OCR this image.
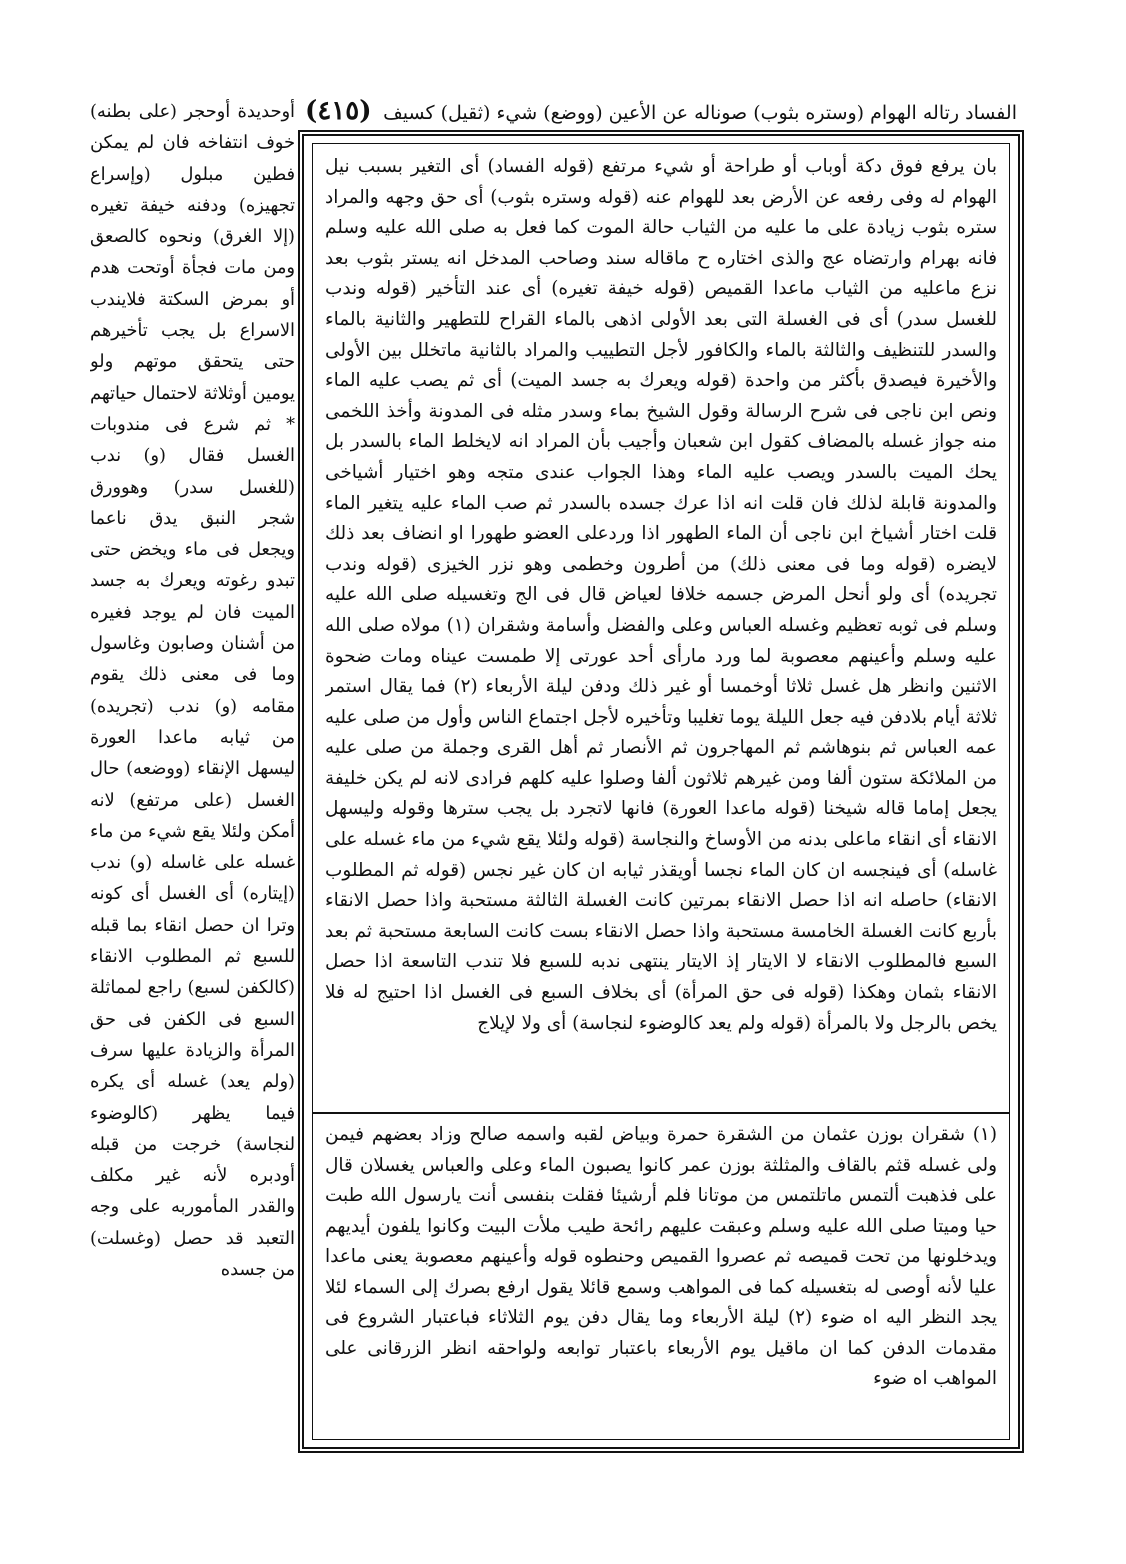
(٤١٥) الفساد رتاله الهوام (وستره بثوب) صوناله عن الأعين (ووضع) شيء (ثقيل) كسيف
بان يرفع فوق دكة أوباب أو طراحة أو شيء مرتفع (قوله الفساد) أى التغير بسبب نيل الهوام له وفى رفعه عن الأرض بعد للهوام عنه (قوله وستره بثوب) أى حق وجهه والمراد ستره بثوب زيادة على ما عليه من الثياب حالة الموت كما فعل به صلى الله عليه وسلم فانه بهرام وارتضاه عج والذى اختاره ح ماقاله سند وصاحب المدخل انه يستر بثوب بعد نزع ماعليه من الثياب ماعدا القميص (قوله خيفة تغيره) أى عند التأخير (قوله وندب للغسل سدر) أى فى الغسلة التى بعد الأولى اذهى بالماء القراح للتطهير والثانية بالماء والسدر للتنظيف والثالثة بالماء والكافور لأجل التطييب والمراد بالثانية ماتخلل بين الأولى والأخيرة فيصدق بأكثر من واحدة (قوله ويعرك به جسد الميت) أى ثم يصب عليه الماء ونص ابن ناجى فى شرح الرسالة وقول الشيخ بماء وسدر مثله فى المدونة وأخذ اللخمى منه جواز غسله بالمضاف كقول ابن شعبان وأجيب بأن المراد انه لايخلط الماء بالسدر بل يحك الميت بالسدر ويصب عليه الماء وهذا الجواب عندى متجه وهو اختيار أشياخى والمدونة قابلة لذلك فان قلت انه اذا عرك جسده بالسدر ثم صب الماء عليه يتغير الماء قلت اختار أشياخ ابن ناجى أن الماء الطهور اذا وردعلى العضو طهورا او انضاف بعد ذلك لايضره (قوله وما فى معنى ذلك) من أطرون وخطمى وهو نزر الخيزى (قوله وندب تجريده) أى ولو أنحل المرض جسمه خلافا لعياض قال فى الج وتغسيله صلى الله عليه وسلم فى ثوبه تعظيم وغسله العباس وعلى والفضل وأسامة وشقران (١) مولاه صلى الله عليه وسلم وأعينهم معصوبة لما ورد مارأى أحد عورتى إلا طمست عيناه ومات ضحوة الاثنين وانظر هل غسل ثلاثا أوخمسا أو غير ذلك ودفن ليلة الأربعاء (٢) فما يقال استمر ثلاثة أيام بلادفن فيه جعل الليلة يوما تغليبا وتأخيره لأجل اجتماع الناس وأول من صلى عليه عمه العباس ثم بنوهاشم ثم المهاجرون ثم الأنصار ثم أهل القرى وجملة من صلى عليه من الملائكة ستون ألفا ومن غيرهم ثلاثون ألفا وصلوا عليه كلهم فرادى لانه لم يكن خليفة يجعل إماما قاله شيخنا (قوله ماعدا العورة) فانها لاتجرد بل يجب سترها وقوله وليسهل الانقاء أى انقاء ماعلى بدنه من الأوساخ والنجاسة (قوله ولئلا يقع شيء من ماء غسله على غاسله) أى فينجسه ان كان الماء نجسا أويقذر ثيابه ان كان غير نجس (قوله ثم المطلوب الانقاء) حاصله انه اذا حصل الانقاء بمرتين كانت الغسلة الثالثة مستحبة واذا حصل الانقاء بأربع كانت الغسلة الخامسة مستحبة واذا حصل الانقاء بست كانت السابعة مستحبة ثم بعد السبع فالمطلوب الانقاء لا الايتار إذ الايتار ينتهى ندبه للسبع فلا تندب التاسعة اذا حصل الانقاء بثمان وهكذا (قوله فى حق المرأة) أى بخلاف السبع فى الغسل اذا احتيج له فلا يخص بالرجل ولا بالمرأة (قوله ولم يعد كالوضوء لنجاسة) أى ولا لإيلاج
(١) شقران بوزن عثمان من الشقرة حمرة وبياض لقبه واسمه صالح وزاد بعضهم فيمن ولى غسله قثم بالقاف والمثلثة بوزن عمر كانوا يصبون الماء وعلى والعباس يغسلان قال على فذهبت ألتمس ماتلتمس من موتانا فلم أرشيئا فقلت بنفسى أنت يارسول الله طبت حيا وميتا صلى الله عليه وسلم وعبقت عليهم رائحة طيب ملأت البيت وكانوا يلفون أيديهم ويدخلونها من تحت قميصه ثم عصروا القميص وحنطوه قوله وأعينهم معصوبة يعنى ماعدا عليا لأنه أوصى له بتغسيله كما فى المواهب وسمع قائلا يقول ارفع بصرك إلى السماء لئلا يجد النظر اليه اه ضوء (٢) ليلة الأربعاء وما يقال دفن يوم الثلاثاء فباعتبار الشروع فى مقدمات الدفن كما ان ماقيل يوم الأربعاء باعتبار توابعه ولواحقه انظر الزرقانى على المواهب اه ضوء
أوحديدة أوحجر (على بطنه) خوف انتفاخه فان لم يمكن فطين مبلول (وإسراع تجهيزه) ودفنه خيفة تغيره (إلا الغرق) ونحوه كالصعق ومن مات فجأة أوتحت هدم أو بمرض السكتة فلايندب الاسراع بل يجب تأخيرهم حتى يتحقق موتهم ولو يومين أوثلاثة لاحتمال حياتهم * ثم شرع فى مندوبات الغسل فقال (و) ندب (للغسل سدر) وهوورق شجر النبق يدق ناعما ويجعل فى ماء ويخض حتى تبدو رغوته ويعرك به جسد الميت فان لم يوجد فغيره من أشنان وصابون وغاسول وما فى معنى ذلك يقوم مقامه (و) ندب (تجريده) من ثيابه ماعدا العورة ليسهل الإنقاء (ووضعه) حال الغسل (على مرتفع) لانه أمكن ولئلا يقع شيء من ماء غسله على غاسله (و) ندب (إيتاره) أى الغسل أى كونه وترا ان حصل انقاء بما قبله للسبع ثم المطلوب الانقاء (كالكفن لسبع) راجع لمماثلة السبع فى الكفن فى حق المرأة والزيادة عليها سرف (ولم يعد) غسله أى يكره فيما يظهر (كالوضوء لنجاسة) خرجت من قبله أودبره لأنه غير مكلف والقدر المأموربه على وجه التعبد قد حصل (وغسلت) من جسده
